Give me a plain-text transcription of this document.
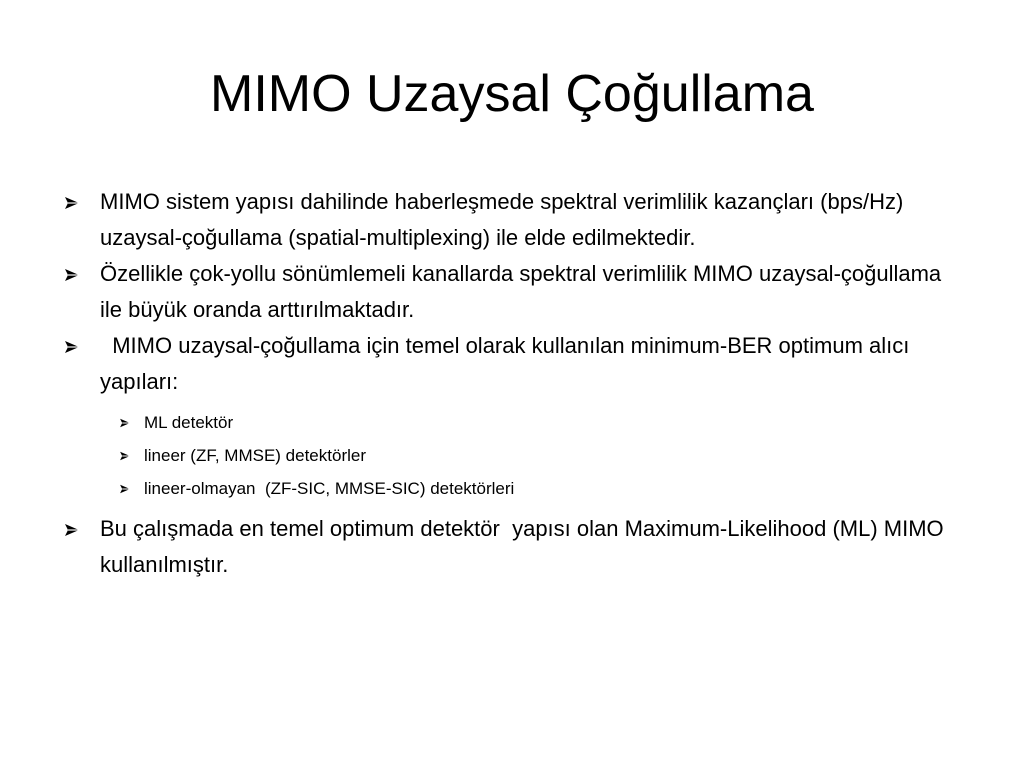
MIMO Uzaysal Çoğullama
MIMO sistem yapısı dahilinde haberleşmede spektral verimlilik kazançları (bps/Hz) uzaysal-çoğullama (spatial-multiplexing) ile elde edilmektedir.
Özellikle çok-yollu sönümlemeli kanallarda spektral verimlilik MIMO uzaysal-çoğullama ile büyük oranda arttırılmaktadır.
MIMO uzaysal-çoğullama için temel olarak kullanılan minimum-BER optimum alıcı yapıları:
ML detektör
lineer (ZF, MMSE) detektörler
lineer-olmayan  (ZF-SIC, MMSE-SIC) detektörleri
Bu çalışmada en temel optimum detektör  yapısı olan Maximum-Likelihood (ML) MIMO kullanılmıştır.
